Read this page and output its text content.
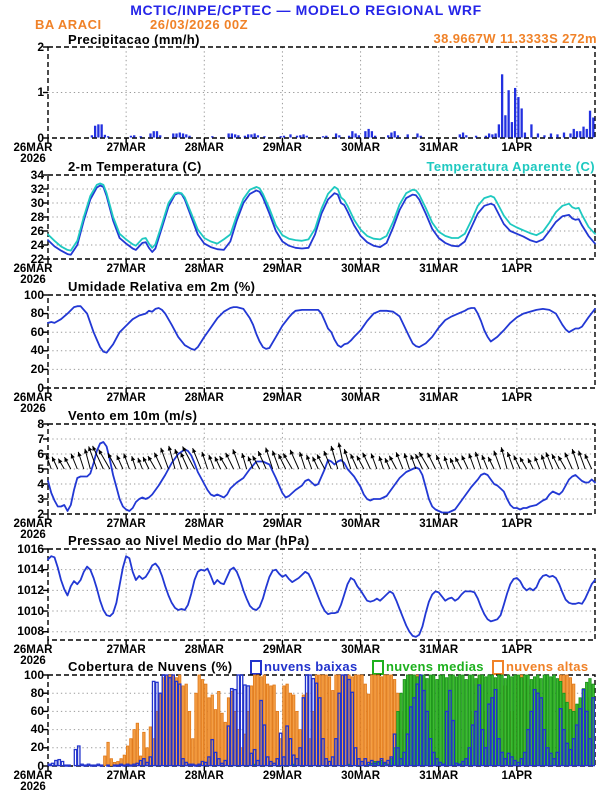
MCTIC/INPE/CPTEC — MODELO REGIONAL WRF
BA ARACI	26/03/2026 00Z
38.9667W 11.3333S 272m
Precipitacao (mm/h)
2-m Temperatura (C)	Temperatura Aparente (C)
Umidade Relativa em 2m (%)
Vento em 10m (m/s)
Pressao ao Nivel Medio do Mar (hPa)
Cobertura de Nuvens (%) nuvens baixas nuvens medias nuvens altas
0
1
2
26MAR
2026
27MAR	28MAR	29MAR	30MAR	31MAR	1APR
22
24
26
28
30
32
34
26MAR
2026
27MAR	28MAR	29MAR	30MAR	31MAR	1APR
0
20
40
60
80
100
26MAR
2026
27MAR	28MAR	29MAR	30MAR	31MAR	1APR
2
3
4
5
6
7
8
26MAR
2026
27MAR	28MAR	29MAR	30MAR	31MAR	1APR
1008
1010
1012
1014
1016
26MAR
2026
27MAR	28MAR	29MAR	30MAR	31MAR	1APR
0
20
40
60
80
100
26MAR
2026
27MAR	28MAR	29MAR	30MAR	31MAR	1APR
